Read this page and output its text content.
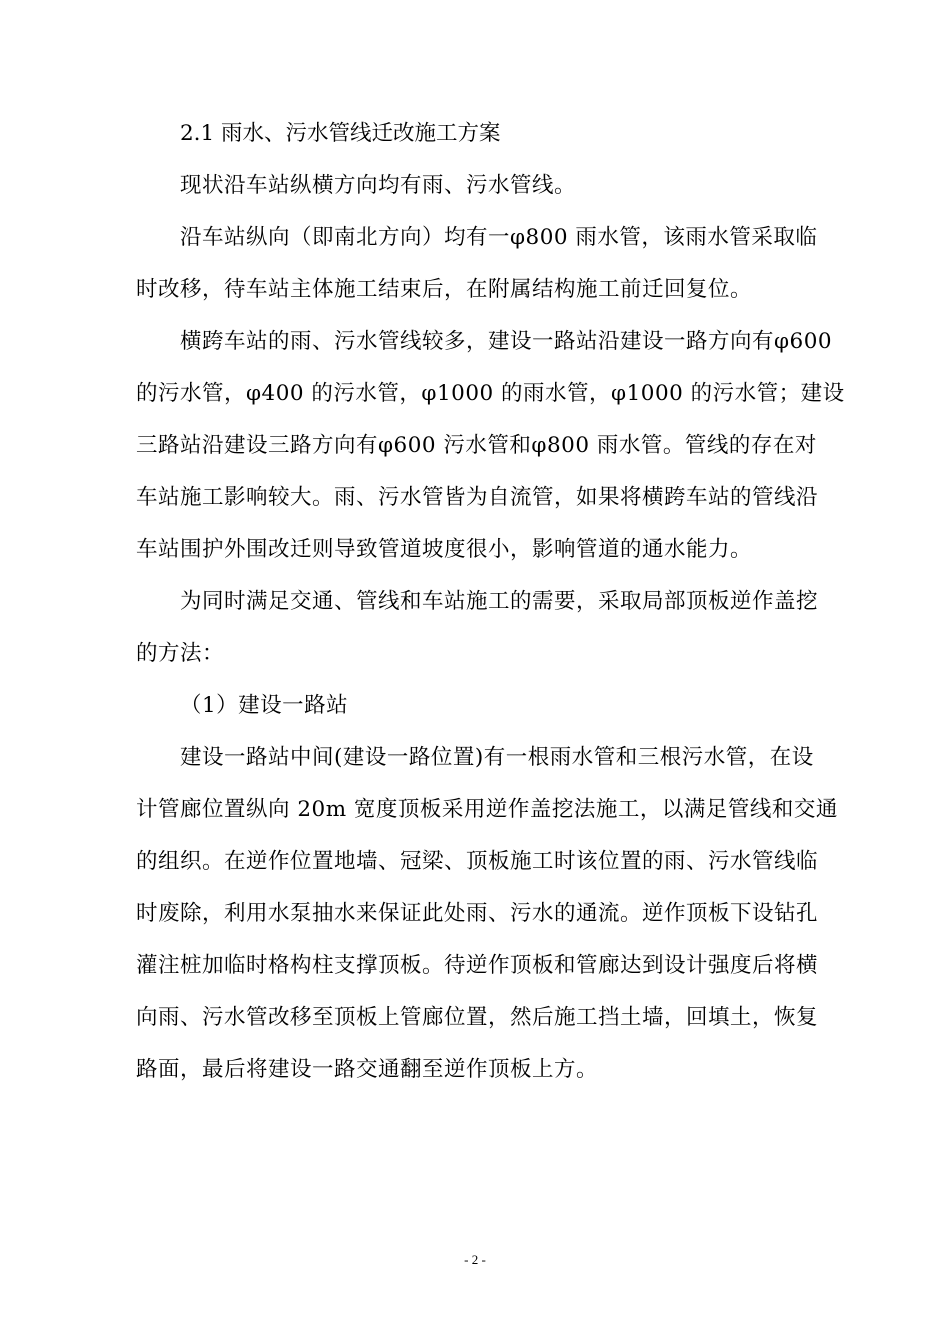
2.1 雨水、污水管线迁改施工方案

现状沿车站纵横方向均有雨、污水管线。

沿车站纵向（即南北方向）均有一φ800 雨水管，该雨水管采取临
时改移，待车站主体施工结束后，在附属结构施工前迁回复位。

横跨车站的雨、污水管线较多，建设一路站沿建设一路方向有φ600
的污水管，φ400 的污水管，φ1000 的雨水管，φ1000 的污水管；建设
三路站沿建设三路方向有φ600 污水管和φ800 雨水管。管线的存在对
车站施工影响较大。雨、污水管皆为自流管，如果将横跨车站的管线沿
车站围护外围改迁则导致管道坡度很小，影响管道的通水能力。

为同时满足交通、管线和车站施工的需要，采取局部顶板逆作盖挖
的方法：

（1）建设一路站

建设一路站中间(建设一路位置)有一根雨水管和三根污水管，在设
计管廊位置纵向 20m 宽度顶板采用逆作盖挖法施工，以满足管线和交通
的组织。在逆作位置地墙、冠梁、顶板施工时该位置的雨、污水管线临
时废除，利用水泵抽水来保证此处雨、污水的通流。逆作顶板下设钻孔
灌注桩加临时格构柱支撑顶板。待逆作顶板和管廊达到设计强度后将横
向雨、污水管改移至顶板上管廊位置，然后施工挡土墙，回填土，恢复
路面，最后将建设一路交通翻至逆作顶板上方。

- 2 -
